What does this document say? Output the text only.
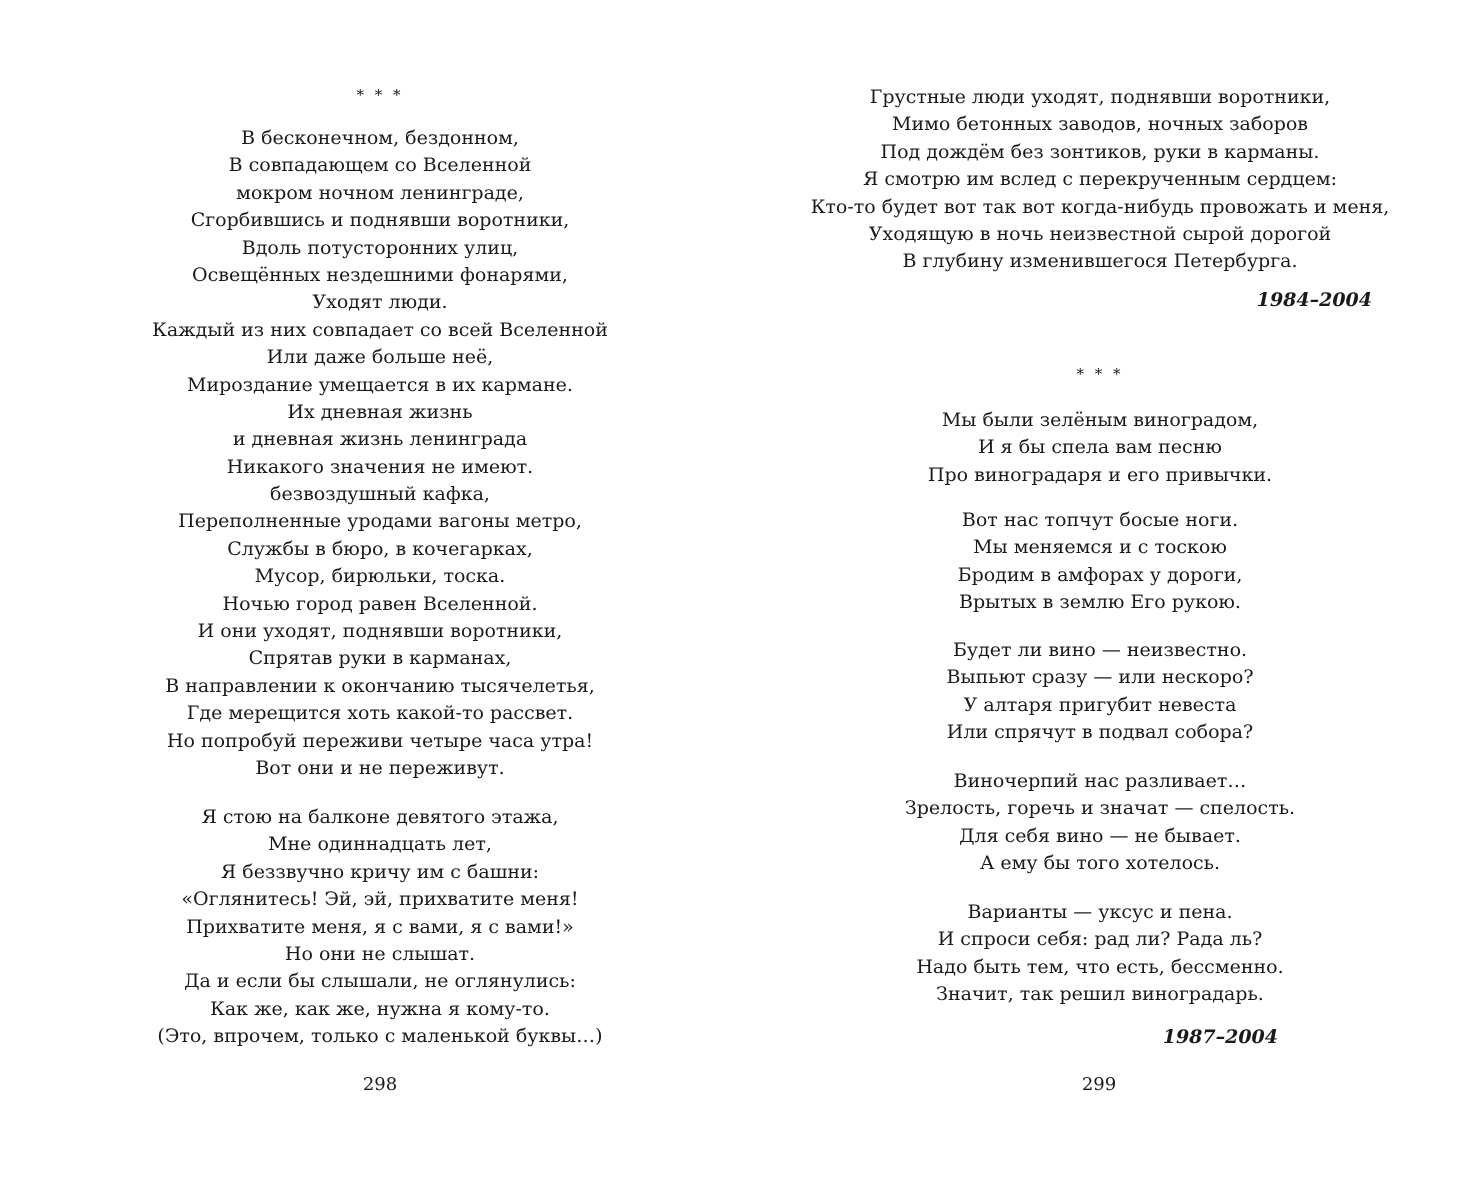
* * *
В бесконечном, бездонном,
В совпадающем со Вселенной
мокром ночном ленинграде,
Сгорбившись и поднявши воротники,
Вдоль потусторонних улиц,
Освещённых нездешними фонарями,
Уходят люди.
Каждый из них совпадает со всей Вселенной
Или даже больше неё,
Мироздание умещается в их кармане.
Их дневная жизнь
и дневная жизнь ленинграда
Никакого значения не имеют.
безвоздушный кафка,
Переполненные уродами вагоны метро,
Службы в бюро, в кочегарках,
Мусор, бирюльки, тоска.
Ночью город равен Вселенной.
И они уходят, поднявши воротники,
Спрятав руки в карманах,
В направлении к окончанию тысячелетья,
Где мерещится хоть какой-то рассвет.
Но попробуй переживи четыре часа утра!
Вот они и не переживут.
Я стою на балконе девятого этажа,
Мне одиннадцать лет,
Я беззвучно кричу им с башни:
«Оглянитесь! Эй, эй, прихватите меня!
Прихватите меня, я с вами, я с вами!»
Но они не слышат.
Да и если бы слышали, не оглянулись:
Как же, как же, нужна я кому-то.
(Это, впрочем, только с маленькой буквы…)
298
Грустные люди уходят, поднявши воротники,
Мимо бетонных заводов, ночных заборов
Под дождём без зонтиков, руки в карманы.
Я смотрю им вслед с перекрученным сердцем:
Кто-то будет вот так вот когда-нибудь провожать и меня,
Уходящую в ночь неизвестной сырой дорогой
В глубину изменившегося Петербурга.
1984–2004
* * *
Мы были зелёным виноградом,
И я бы спела вам песню
Про виноградаря и его привычки.
Вот нас топчут босые ноги.
Мы меняемся и с тоскою
Бродим в амфорах у дороги,
Врытых в землю Его рукою.
Будет ли вино — неизвестно.
Выпьют сразу — или нескоро?
У алтаря пригубит невеста
Или спрячут в подвал собора?
Виночерпий нас разливает…
Зрелость, горечь и значат — спелость.
Для себя вино — не бывает.
А ему бы того хотелось.
Варианты — уксус и пена.
И спроси себя: рад ли? Рада ль?
Надо быть тем, что есть, бессменно.
Значит, так решил виноградарь.
1987–2004
299
